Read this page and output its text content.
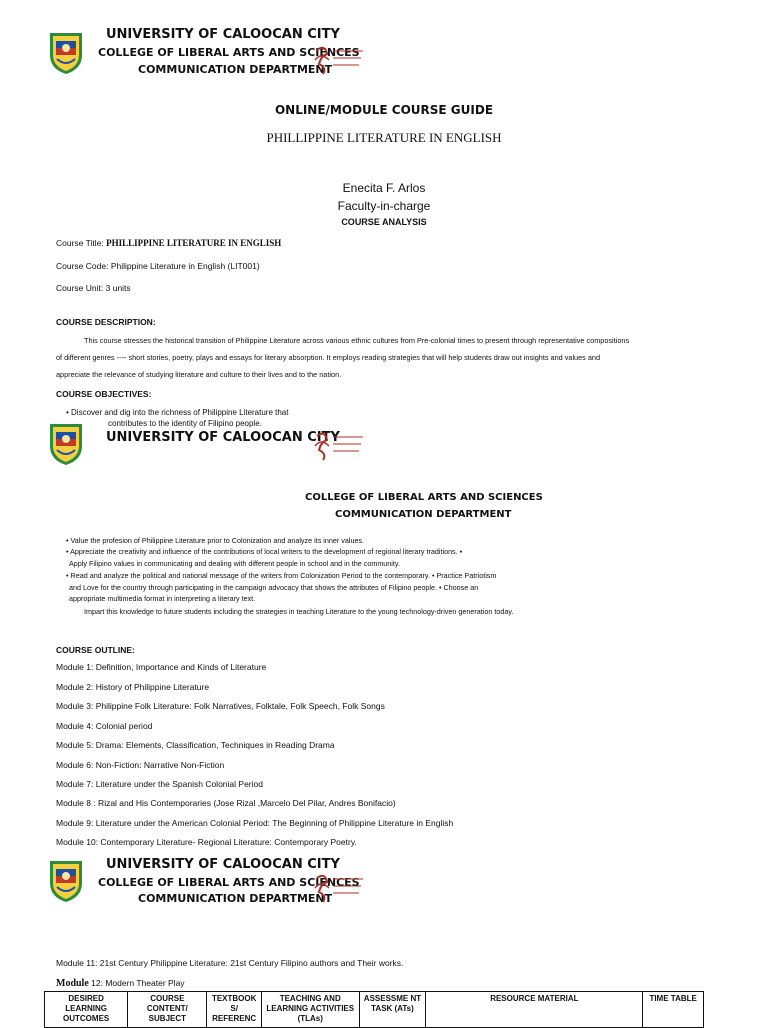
UNIVERSITY OF CALOOCAN CITY
COLLEGE OF LIBERAL ARTS AND SCIENCES
COMMUNICATION DEPARTMENT
ONLINE/MODULE COURSE GUIDE
PHILLIPPINE LITERATURE IN ENGLISH
Enecita F. Arlos
Faculty-in-charge
COURSE ANALYSIS
Course Title: PHILLIPPINE LITERATURE IN ENGLISH
Course Code: Philippine Literature in English (LIT001)
Course Unit: 3 units
COURSE DESCRIPTION:
This course stresses the historical transition of Philippine Literature across various ethnic cultures from Pre-colonial times to present through representative compositions
of different genres ---- short stories, poetry, plays and essays for literary absorption. It employs reading strategies that will help students draw out insights and values and
appreciate the relevance of studying literature and culture to their lives and to the nation.
COURSE OBJECTIVES:
• Discover and dig into the richness of Philippine Literature that
contributes to the identity of Filipino people.
UNIVERSITY OF CALOOCAN CITY
COLLEGE OF LIBERAL ARTS AND SCIENCES
COMMUNICATION DEPARTMENT
• Value the profesion of Philippine Literature prior to Colonization and analyze its inner values.
• Appreciate the creativity and influence of the contributions of local writers to the development of regional literary traditions. •
Apply Filipino values in communicating and dealing with different people in school and in the community.
• Read and analyze the political and national message of the writers from Colonization Period to the contemporary. • Practice Patriotism
and Love for the country through participating in the campaign advocacy that shows the attributes of Filipino people. • Choose an
appropriate multimedia format in interpreting a literary text.
Impart this knowledge to future students including the strategies in teaching Literature to the young technology-driven generation today.
COURSE OUTLINE:
Module 1: Definition, Importance and Kinds of Literature
Module 2: History of Philippine Literature
Module 3: Philippine Folk Literature: Folk Narratives, Folktale, Folk Speech, Folk Songs
Module 4: Colonial period
Module 5: Drama: Elements, Classification, Techniques in Reading Drama
Module 6: Non-Fiction: Narrative Non-Fiction
Module 7: Literature under the Spanish Colonial Period
Module 8 : Rizal and His Contemporaries (Jose Rizal ,Marcelo Del Pilar, Andres Bonifacio)
Module 9: Literature under the American Colonial Period: The Beginning of Philippine Literature in English
Module 10: Contemporary Literature- Regional Literature: Contemporary Poetry.
UNIVERSITY OF CALOOCAN CITY
COLLEGE OF LIBERAL ARTS AND SCIENCES
COMMUNICATION DEPARTMENT
Module 11: 21st Century Philippine Literature: 21st Century Filipino authors and Their works.
Module 12: Modern Theater Play
DESIRED LEARNING OUTCOMES	COURSE CONTENT/ SUBJECT	TEXTBOOK S/ REFERENC	TEACHING AND LEARNING ACTIVITIES (TLAs)	ASSESSME NT TASK (ATs)	RESOURCE MATERIAL	TIME TABLE
